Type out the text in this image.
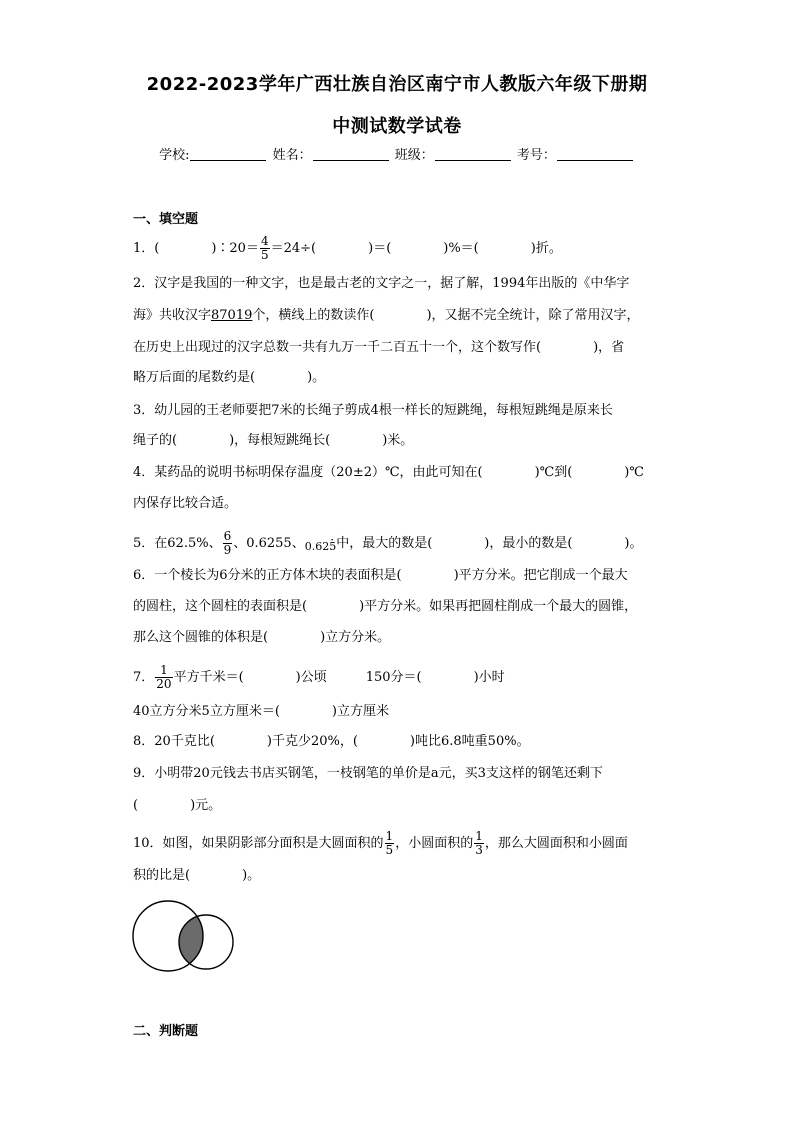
2022-2023学年广西壮族自治区南宁市人教版六年级下册期
中测试数学试卷
学校:	姓名：	班级：	考号：
一、填空题
1．(　　　　)∶20＝ $\frac{4}{5} =24\div$(　　　　)＝(　　　　)%＝(　　　　)折。
2．汉字是我国的一种文字，也是最古老的文字之一，据了解，1994年出版的《中华字
海》共收汉字87019个，横线上的数读作(　　　　)，又据不完全统计，除了常用汉字，
在历史上出现过的汉字总数一共有九万一千二百五十一个，这个数写作(　　　　)，省
略万后面的尾数约是(　　　　)。
3．幼儿园的王老师要把7米的长绳子剪成4根一样长的短跳绳，每根短跳绳是原来长
绳子的(　　　　)，每根短跳绳长(　　　　)米。
4．某药品的说明书标明保存温度（20±2）℃，由此可知在(　　　　)℃到(　　　　)℃
内保存比较合适。
5．在62.5%、 $\frac{6}{9}$ 、0.6255、$_{0.62\cdot 5}$中，最大的数是(　　　　)，最小的数是(　　　　)。
6．一个棱长为6分米的正方体木块的表面积是(　　　　)平方分米。把它削成一个最大
的圆柱，这个圆柱的表面积是(　　　　)平方分米。如果再把圆柱削成一个最大的圆锥，
那么这个圆锥的体积是(　　　　)立方分米。
7． $\frac{1}{20}$ 平方千米＝(　　　　)公顷　　　150分＝(　　　　)小时
40立方分米5立方厘米＝(　　　　)立方厘米
8．20千克比(　　　　)千克少20%，(　　　　)吨比6.8吨重50%。
9．小明带20元钱去书店买钢笔，一枝钢笔的单价是a元，买3支这样的钢笔还剩下
(　　　　)元。
10．如图，如果阴影部分面积是大圆面积的 $\frac{1}{5}$ ，小圆面积的 $\frac{1}{3}$ ，那么大圆面积和小圆面
积的比是(　　　　)。
二、判断题
